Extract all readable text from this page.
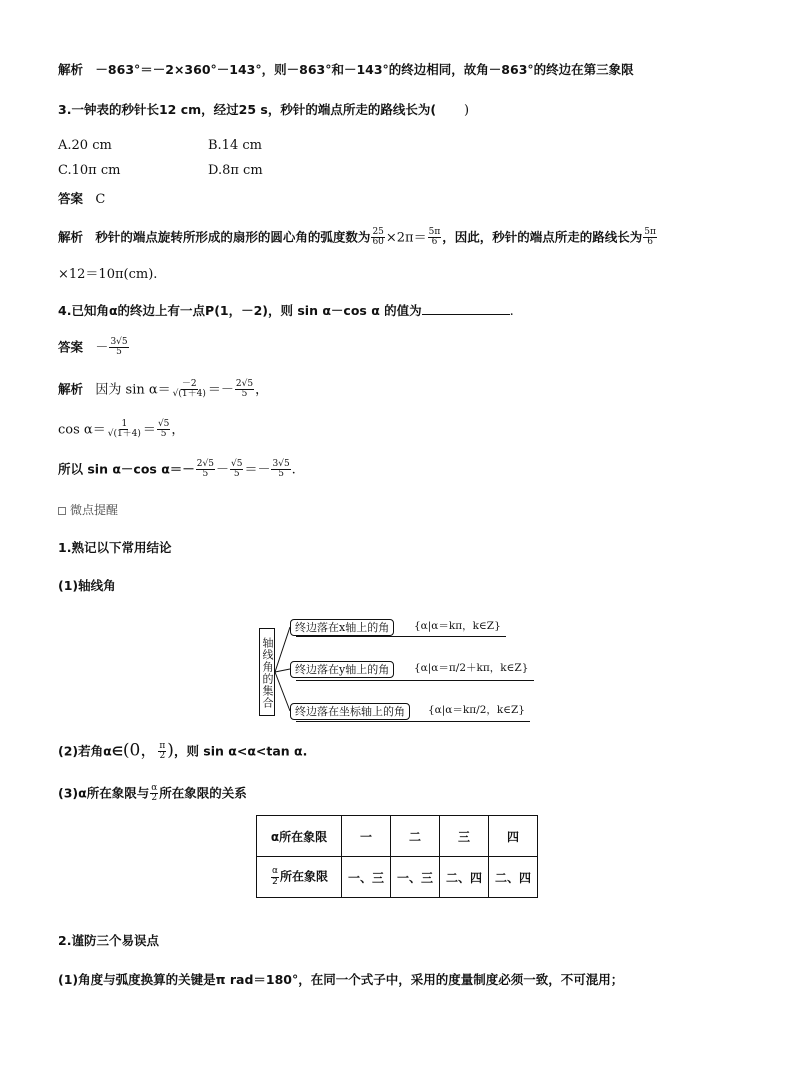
解析 －863°＝－2×360°－143°，则－863°和－143°的终边相同，故角－863°的终边在第三象限
3.一钟表的秒针长12 cm，经过25 s，秒针的端点所走的路线长为( )
A.20 cm	B.14 cm
C.10π cm	D.8π cm
答案 C
解析 秒针的端点旋转所形成的扇形的圆心角的弧度数为 $\frac{25}{60} \times 2\pi= \frac{5\pi}{6}$ ，因此，秒针的端点所走的路线长为 $\frac{5\pi}{6}$
×12＝10π(cm).
4.已知角α的终边上有一点P(1，－2)，则 sin α－cos α 的值为	.
答案 － $\frac{3√5}{5}$
解析 因为 $\sin \alpha= \frac{-2}{√(1+4)} =- \frac{2√5}{5}$ ，
$\cos \alpha= \frac{1}{√(1+4)} = \frac{√5}{5}$ ，
所以 sin α－cos $\alpha=- \frac{2√5}{5} - \frac{√5}{5} =- \frac{3√5}{5}$ .
微点提醒
1.熟记以下常用结论
(1)轴线角
轴线角的集合
终边落在x轴上的角	{α|α＝kπ，k∈Z}
终边落在y轴上的角	{α|α＝π/2＋kπ，k∈Z}
终边落在坐标轴上的角	{α|α＝kπ/2，k∈Z}
(2)若角α∈(0， $\frac{\pi}{2}$ )，则 sin α<α<tan α.
(3)α所在象限与 $\frac{\alpha}{2}$ 所在象限的关系
α所在象限	一	二	三	四

$\frac{\alpha}{2}$ 所在象限	一、三	一、三	二、四	二、四
2.谨防三个易误点
(1)角度与弧度换算的关键是π rad＝180°，在同一个式子中，采用的度量制度必须一致，不可混用；
